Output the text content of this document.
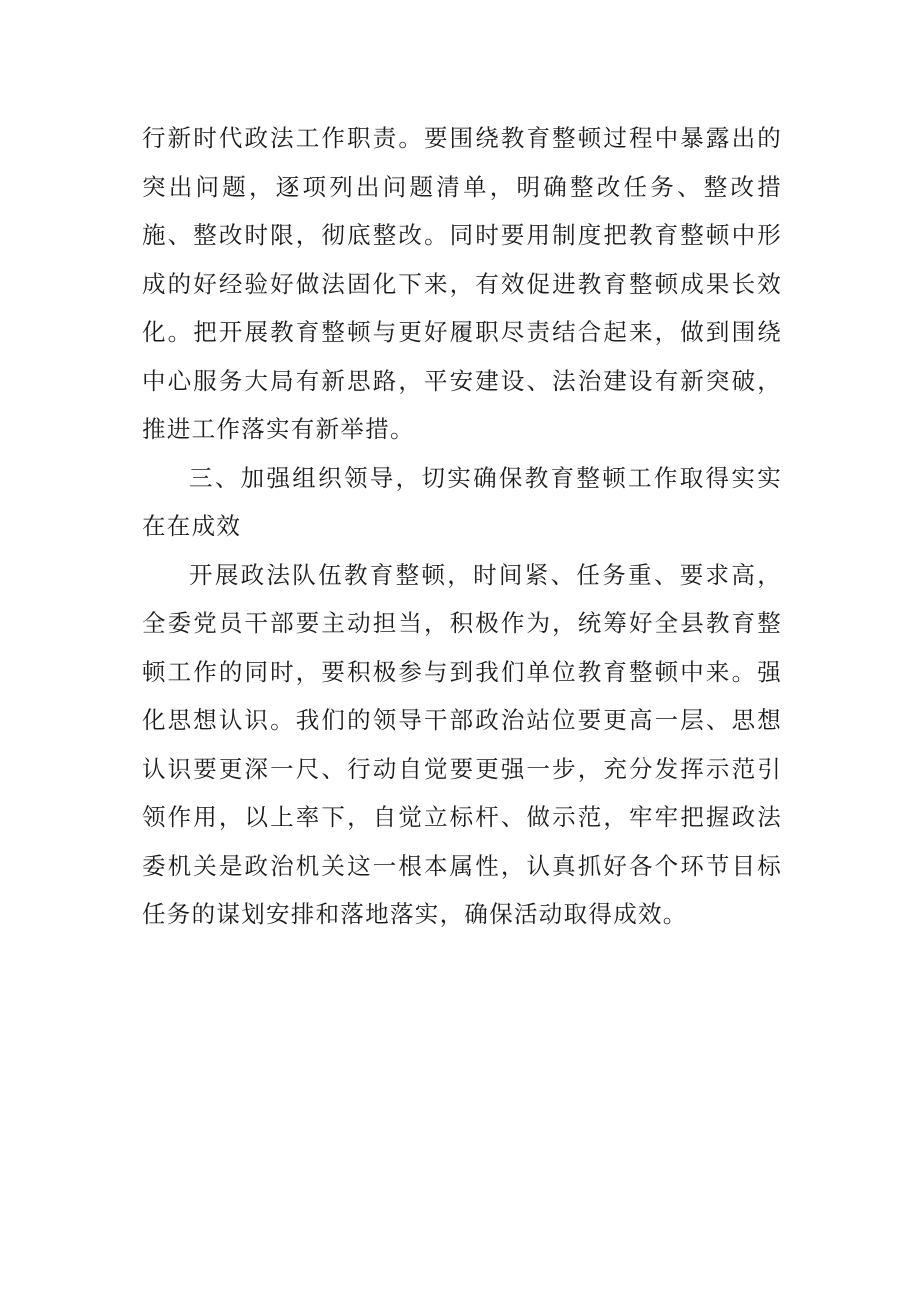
行新时代政法工作职责。要围绕教育整顿过程中暴露出的突出问题，逐项列出问题清单，明确整改任务、整改措施、整改时限，彻底整改。同时要用制度把教育整顿中形成的好经验好做法固化下来，有效促进教育整顿成果长效化。把开展教育整顿与更好履职尽责结合起来，做到围绕中心服务大局有新思路，平安建设、法治建设有新突破，推进工作落实有新举措。

三、加强组织领导，切实确保教育整顿工作取得实实在在成效

开展政法队伍教育整顿，时间紧、任务重、要求高，全委党员干部要主动担当，积极作为，统筹好全县教育整顿工作的同时，要积极参与到我们单位教育整顿中来。强化思想认识。我们的领导干部政治站位要更高一层、思想认识要更深一尺、行动自觉要更强一步，充分发挥示范引领作用，以上率下，自觉立标杆、做示范，牢牢把握政法委机关是政治机关这一根本属性，认真抓好各个环节目标任务的谋划安排和落地落实，确保活动取得成效。
